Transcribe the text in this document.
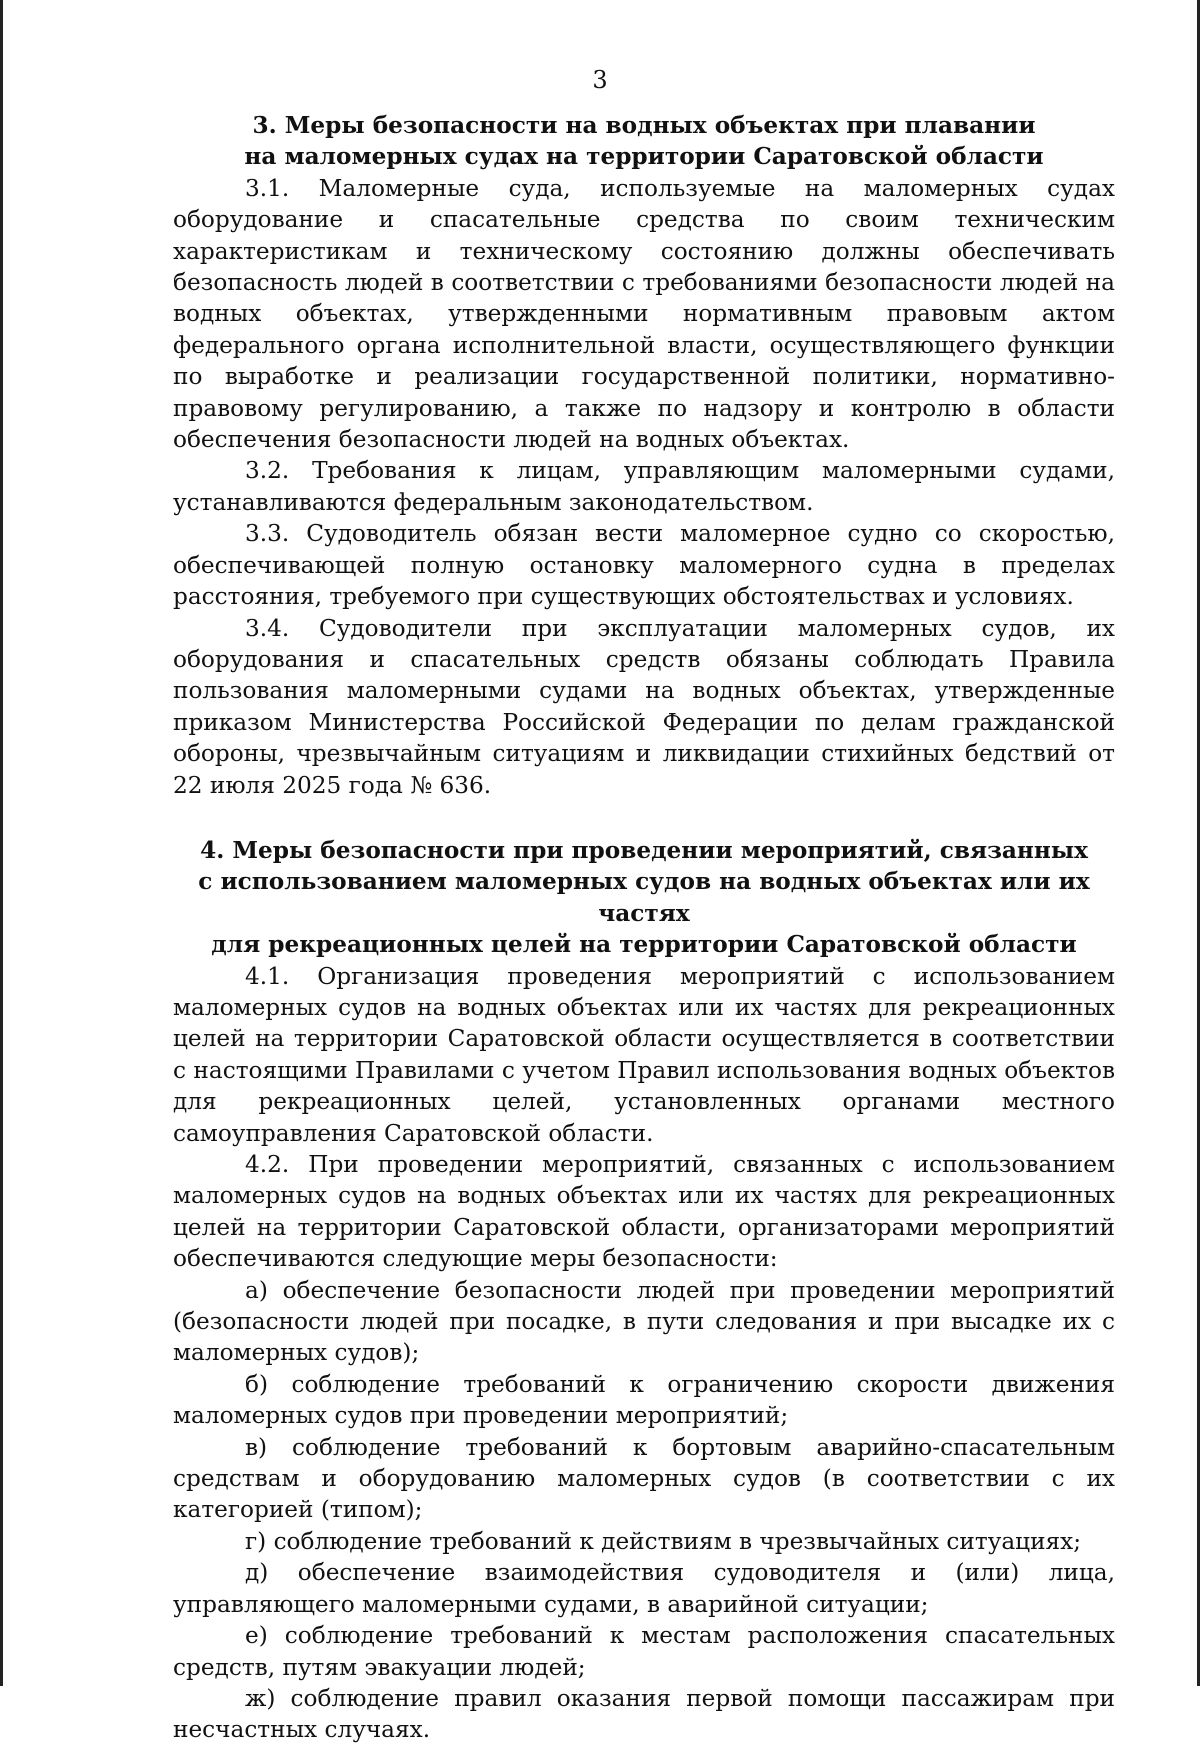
3
3. Меры безопасности на водных объектах при плавании
на маломерных судах на территории Саратовской области

3.1. Маломерные суда, используемые на маломерных судах оборудование и спасательные средства по своим техническим характеристикам и техническому состоянию должны обеспечивать безопасность людей в соответствии с требованиями безопасности людей на водных объектах, утвержденными нормативным правовым актом федерального органа исполнительной власти, осуществляющего функции по выработке и реализации государственной политики, нормативно-правовому регулированию, а также по надзору и контролю в области обеспечения безопасности людей на водных объектах.

3.2. Требования к лицам, управляющим маломерными судами, устанавливаются федеральным законодательством.

3.3. Судоводитель обязан вести маломерное судно со скоростью, обеспечивающей полную остановку маломерного судна в пределах расстояния, требуемого при существующих обстоятельствах и условиях.

3.4. Судоводители при эксплуатации маломерных судов, их оборудования и спасательных средств обязаны соблюдать Правила пользования маломерными судами на водных объектах, утвержденные приказом Министерства Российской Федерации по делам гражданской обороны, чрезвычайным ситуациям и ликвидации стихийных бедствий от 22 июля 2025 года № 636.

4. Меры безопасности при проведении мероприятий, связанных
с использованием маломерных судов на водных объектах или их частях
для рекреационных целей на территории Саратовской области

4.1. Организация проведения мероприятий с использованием маломерных судов на водных объектах или их частях для рекреационных целей на территории Саратовской области осуществляется в соответствии с настоящими Правилами с учетом Правил использования водных объектов для рекреационных целей, установленных органами местного самоуправления Саратовской области.

4.2. При проведении мероприятий, связанных с использованием маломерных судов на водных объектах или их частях для рекреационных целей на территории Саратовской области, организаторами мероприятий обеспечиваются следующие меры безопасности:

а) обеспечение безопасности людей при проведении мероприятий (безопасности людей при посадке, в пути следования и при высадке их с маломерных судов);

б) соблюдение требований к ограничению скорости движения маломерных судов при проведении мероприятий;

в) соблюдение требований к бортовым аварийно-спасательным средствам и оборудованию маломерных судов (в соответствии с их категорией (типом);

г) соблюдение требований к действиям в чрезвычайных ситуациях;

д) обеспечение взаимодействия судоводителя и (или) лица, управляющего маломерными судами, в аварийной ситуации;

е) соблюдение требований к местам расположения спасательных средств, путям эвакуации людей;

ж) соблюдение правил оказания первой помощи пассажирам при несчастных случаях.
